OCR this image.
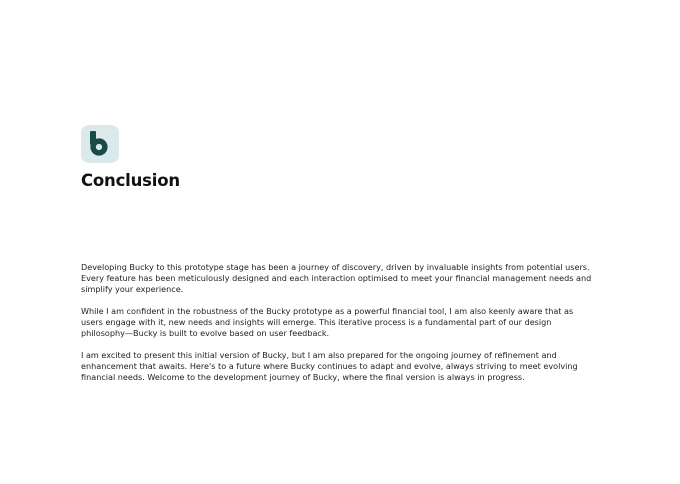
Conclusion

Developing Bucky to this prototype stage has been a journey of discovery, driven by invaluable insights from potential users. Every feature has been meticulously designed and each interaction optimised to meet your financial management needs and simplify your experience.

While I am confident in the robustness of the Bucky prototype as a powerful financial tool, I am also keenly aware that as users engage with it, new needs and insights will emerge. This iterative process is a fundamental part of our design philosophy—Bucky is built to evolve based on user feedback.

I am excited to present this initial version of Bucky, but I am also prepared for the ongoing journey of refinement and enhancement that awaits. Here's to a future where Bucky continues to adapt and evolve, always striving to meet evolving financial needs. Welcome to the development journey of Bucky, where the final version is always in progress.
